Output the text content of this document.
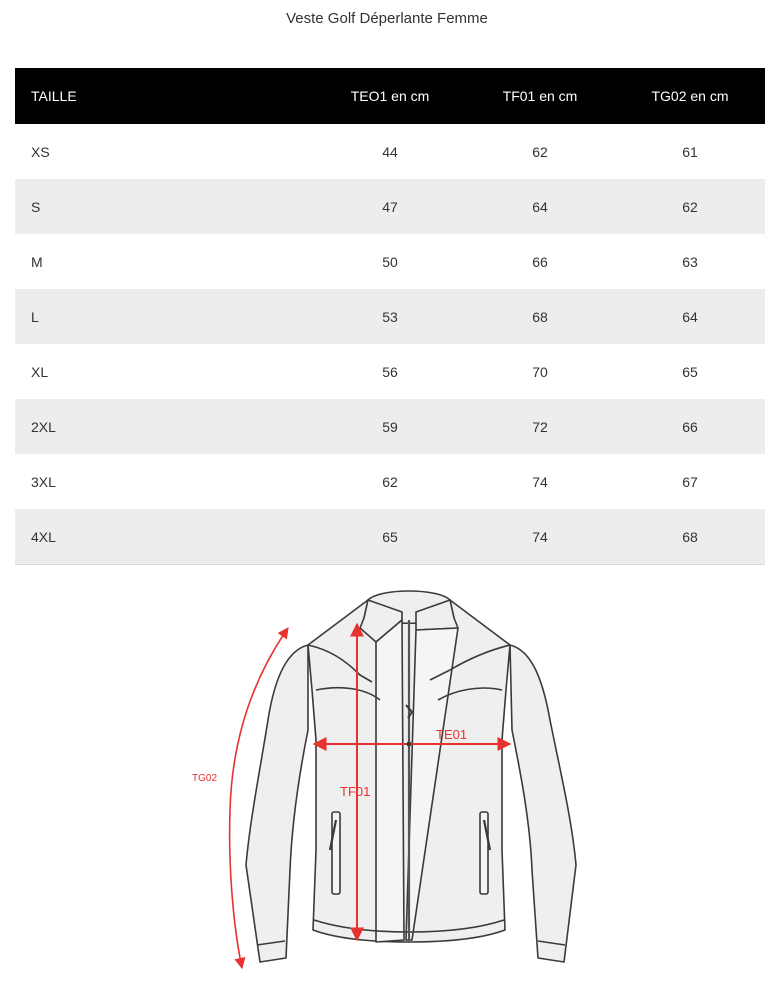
Veste Golf Déperlante Femme
TAILLE	TEO1 en cm	TF01 en cm	TG02 en cm
XS	44	62	61
S	47	64	62
M	50	66	63
L	53	68	64
XL	56	70	65
2XL	59	72	66
3XL	62	74	67
4XL	65	74	68
TE01
TF01
TG02
